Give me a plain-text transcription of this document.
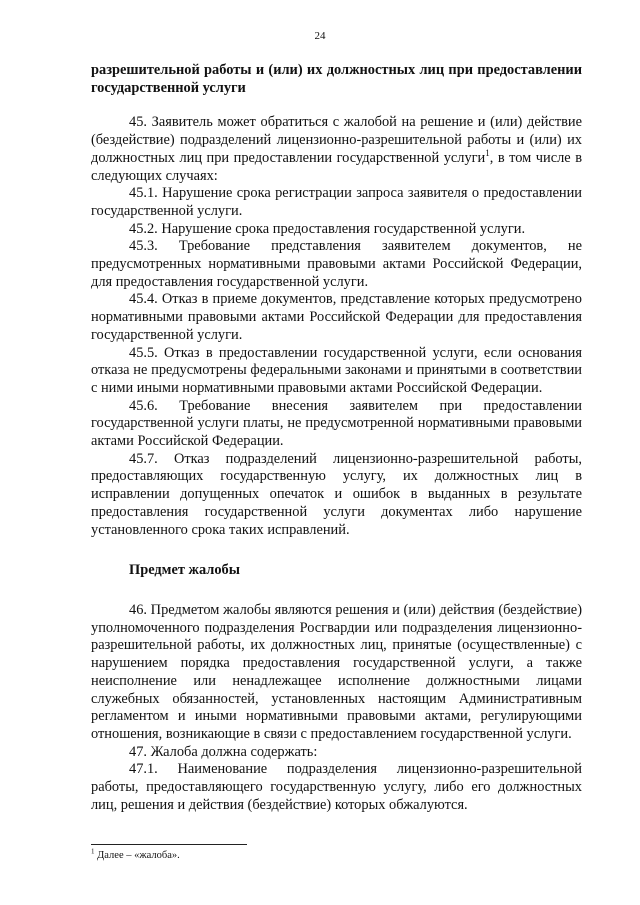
24

разрешительной работы и (или) их должностных лиц при предоставлении государственной услуги

45. Заявитель может обратиться с жалобой на решение и (или) действие (бездействие) подразделений лицензионно-разрешительной работы и (или) их должностных лиц при предоставлении государственной услуги$^1$, в том числе в следующих случаях:

45.1. Нарушение срока регистрации запроса заявителя о предоставлении государственной услуги.

45.2. Нарушение срока предоставления государственной услуги.

45.3. Требование представления заявителем документов, не предусмотренных нормативными правовыми актами Российской Федерации, для предоставления государственной услуги.

45.4. Отказ в приеме документов, представление которых предусмотрено нормативными правовыми актами Российской Федерации для предоставления государственной услуги.

45.5. Отказ в предоставлении государственной услуги, если основания отказа не предусмотрены федеральными законами и принятыми в соответствии с ними иными нормативными правовыми актами Российской Федерации.

45.6. Требование внесения заявителем при предоставлении государственной услуги платы, не предусмотренной нормативными правовыми актами Российской Федерации.

45.7. Отказ подразделений лицензионно-разрешительной работы, предоставляющих государственную услугу, их должностных лиц в исправлении допущенных опечаток и ошибок в выданных в результате предоставления государственной услуги документах либо нарушение установленного срока таких исправлений.

Предмет жалобы

46. Предметом жалобы являются решения и (или) действия (бездействие) уполномоченного подразделения Росгвардии или подразделения лицензионно-разрешительной работы, их должностных лиц, принятые (осуществленные) с нарушением порядка предоставления государственной услуги, а также неисполнение или ненадлежащее исполнение должностными лицами служебных обязанностей, установленных настоящим Административным регламентом и иными нормативными правовыми актами, регулирующими отношения, возникающие в связи с предоставлением государственной услуги.

47. Жалоба должна содержать:

47.1. Наименование подразделения лицензионно-разрешительной работы, предоставляющего государственную услугу, либо его должностных лиц, решения и действия (бездействие) которых обжалуются.

$^1$ Далее – «жалоба».
